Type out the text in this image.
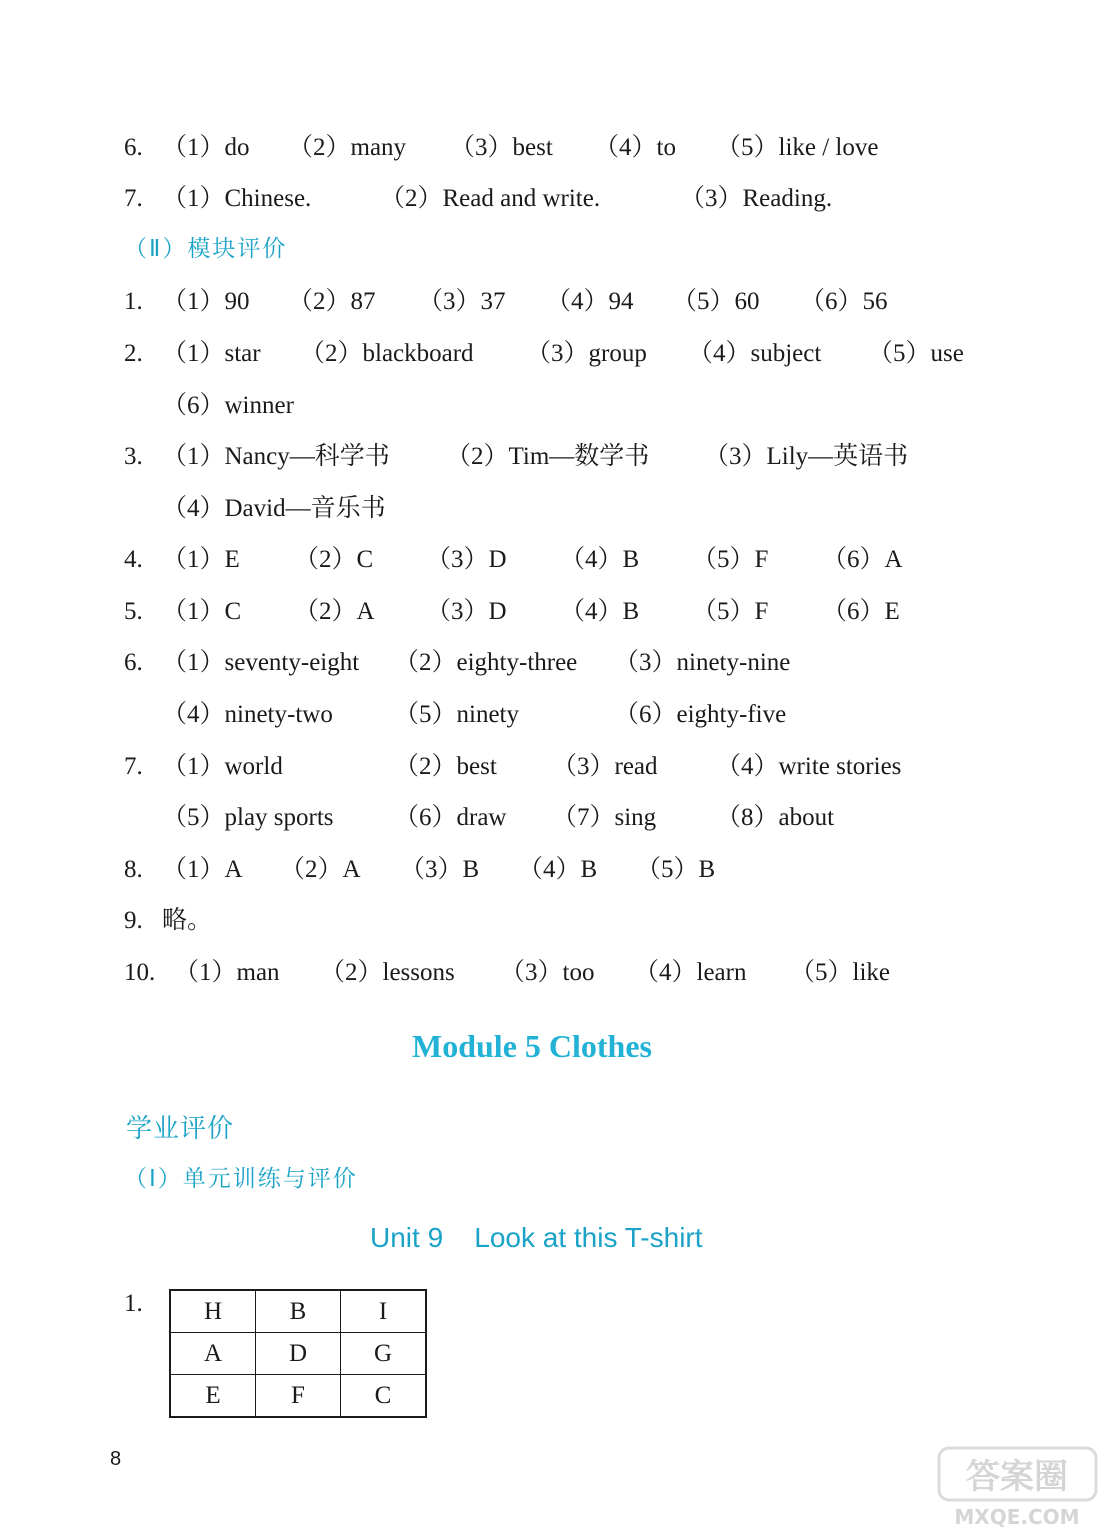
6. （1）do （2）many （3）best （4）to （5）like / love
7. （1）Chinese.	（2）Read and write.	（3）Reading.
1. （1）90 （2）87 （3）37 （4）94 （5）60 （6）56
2. （1）star （2）blackboard （3）group （4）subject （5）use
（6）winner
3. （1）Nancy—科学书 （2）Tim—数学书 （3）Lily—英语书
（4）David—音乐书
4. （1）E （2）C （3）D （4）B （5）F （6）A
5. （1）C （2）A （3）D （4）B （5）F （6）E
6. （1）seventy-eight （2）eighty-three （3）ninety-nine
（4）ninety-two （5）ninety	（6）eighty-five
7. （1）world	（2）best （3）read （4）write stories
（5）play sports （6）draw （7）sing （8）about
8. （1）A （2）A （3）B （4）B （5）B
9. 略。
10. （1）man （2）lessons （3）too （4）learn （5）like
（Ⅱ）模块评价
Module 5 Clothes
学业评价
（Ⅰ）单元训练与评价
Unit 9    Look at this T-shirt
1. H	B	I
A	D	G
E	F	C
8	答案圈
MXQE.COM
